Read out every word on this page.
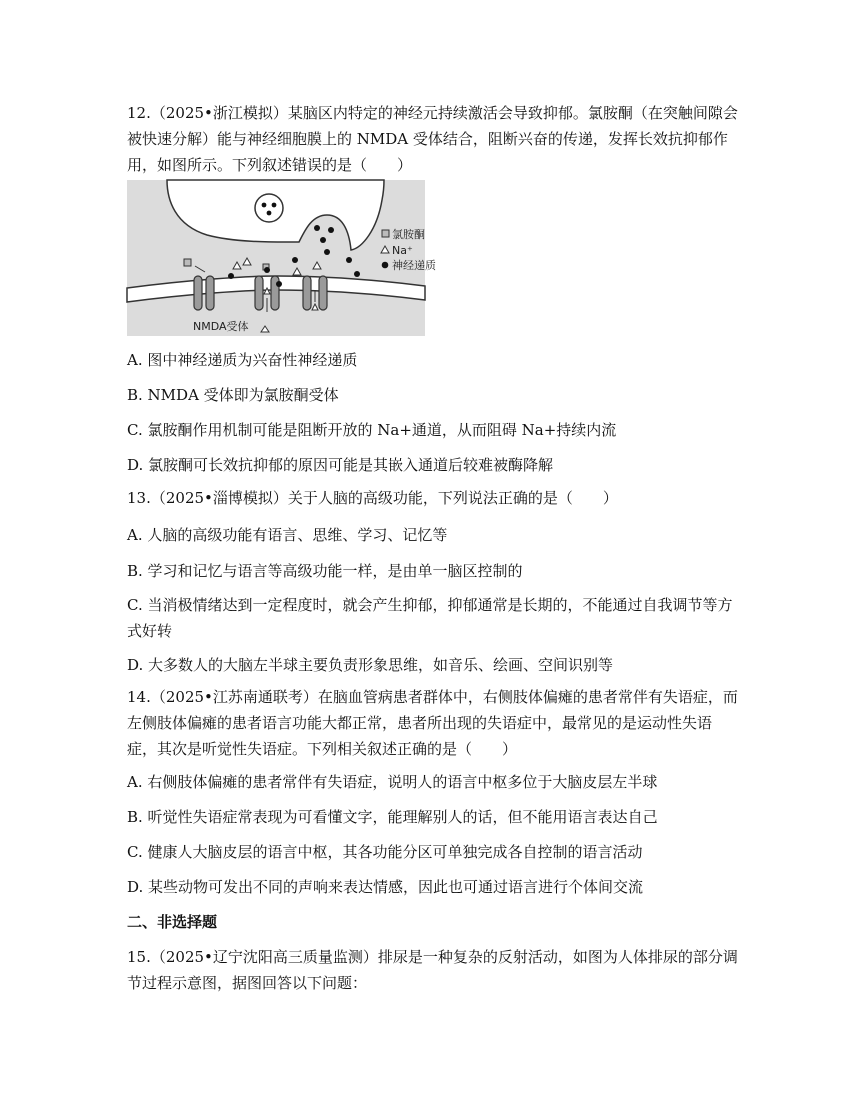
12.（2025•浙江模拟）某脑区内特定的神经元持续激活会导致抑郁。氯胺酮（在突触间隙会被快速分解）能与神经细胞膜上的 NMDA 受体结合，阻断兴奋的传递，发挥长效抗抑郁作用，如图所示。下列叙述错误的是（　　）

氯胺酮
Na⁺
神经递质
NMDA受体
A. 图中神经递质为兴奋性神经递质
B. NMDA 受体即为氯胺酮受体
C. 氯胺酮作用机制可能是阻断开放的 Na+通道，从而阻碍 Na+持续内流
D. 氯胺酮可长效抗抑郁的原因可能是其嵌入通道后较难被酶降解

13.（2025•淄博模拟）关于人脑的高级功能，下列说法正确的是（　　）

A. 人脑的高级功能有语言、思维、学习、记忆等
B. 学习和记忆与语言等高级功能一样，是由单一脑区控制的

C. 当消极情绪达到一定程度时，就会产生抑郁，抑郁通常是长期的，不能通过自我调节等方式好转

D. 大多数人的大脑左半球主要负责形象思维，如音乐、绘画、空间识别等

14.（2025•江苏南通联考）在脑血管病患者群体中，右侧肢体偏瘫的患者常伴有失语症，而左侧肢体偏瘫的患者语言功能大都正常，患者所出现的失语症中，最常见的是运动性失语症，其次是听觉性失语症。下列相关叙述正确的是（　　）

A. 右侧肢体偏瘫的患者常伴有失语症，说明人的语言中枢多位于大脑皮层左半球
B. 听觉性失语症常表现为可看懂文字，能理解别人的话，但不能用语言表达自己
C. 健康人大脑皮层的语言中枢，其各功能分区可单独完成各自控制的语言活动
D. 某些动物可发出不同的声响来表达情感，因此也可通过语言进行个体间交流
二、非选择题

15.（2025•辽宁沈阳高三质量监测）排尿是一种复杂的反射活动，如图为人体排尿的部分调节过程示意图，据图回答以下问题：
